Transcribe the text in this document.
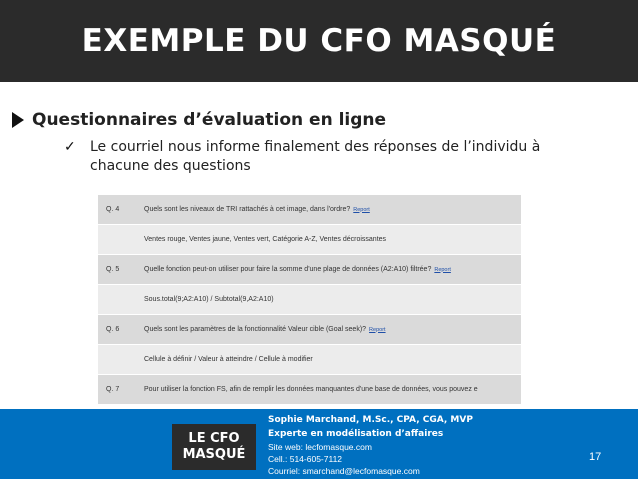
EXEMPLE DU CFO MASQUÉ
Questionnaires d’évaluation en ligne
✓ Le courriel nous informe finalement des réponses de l’individu à chacune des questions
Q. 4	Quels sont les niveaux de TRI rattachés à cet image, dans l'ordre? Report
Ventes rouge, Ventes jaune, Ventes vert, Catégorie A-Z, Ventes décroissantes
Q. 5	Quelle fonction peut-on utiliser pour faire la somme d'une plage de données (A2:A10) filtrée? Report
Sous.total(9;A2:A10) / Subtotal(9,A2:A10)
Q. 6	Quels sont les paramètres de la fonctionnalité Valeur cible (Goal seek)? Report
Cellule à définir / Valeur à atteindre / Cellule à modifier
Q. 7	Pour utiliser la fonction FS, afin de remplir les données manquantes d'une base de données, vous pouvez e
LE CFO
MASQUÉ
Sophie Marchand, M.Sc., CPA, CGA, MVP
Experte en modélisation d’affaires
Site web: lecfomasque.com
Cell.: 514-605-7112
Courriel: smarchand@lecfomasque.com
17
